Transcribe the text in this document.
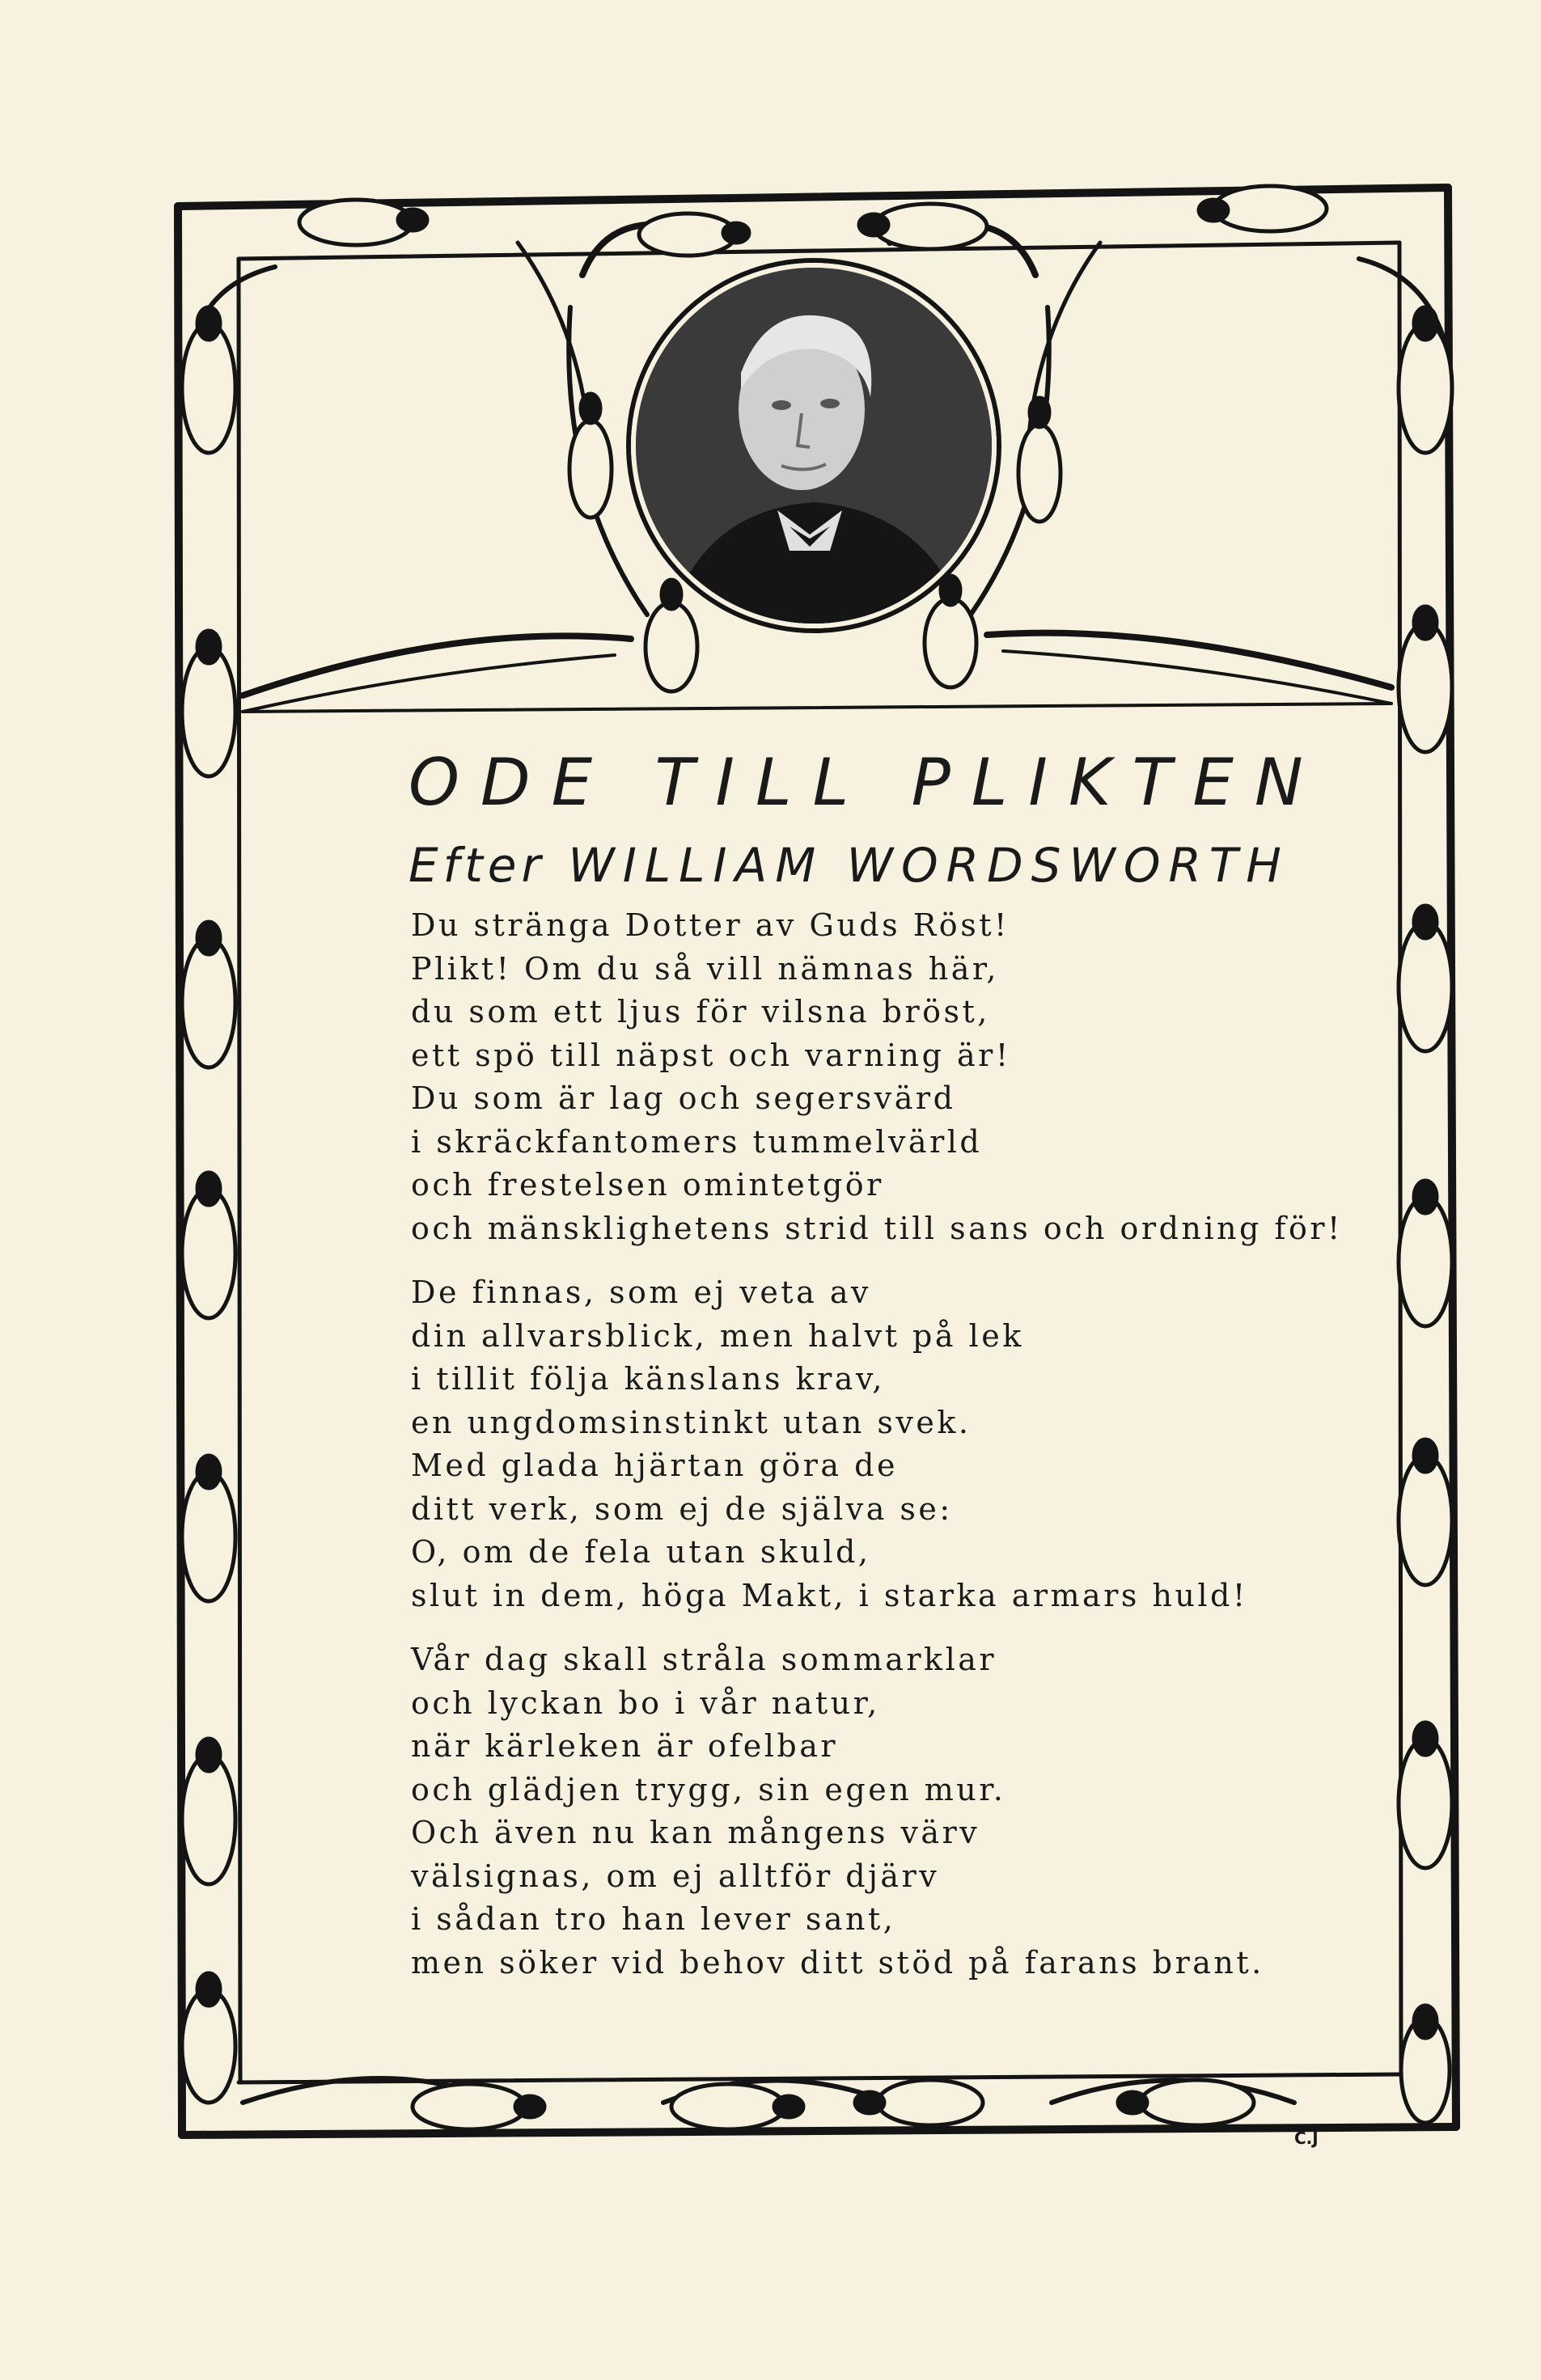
ODE TILL PLIKTEN
Efter WILLIAM WORDSWORTH
Du stränga Dotter av Guds Röst!
Plikt! Om du så vill nämnas här,
du som ett ljus för vilsna bröst,
ett spö till näpst och varning är!
Du som är lag och segersvärd
i skräckfantomers tummelvärld
och frestelsen omintetgör
och mänsklighetens strid till sans och ordning för!
De finnas, som ej veta av
din allvarsblick, men halvt på lek
i tillit följa känslans krav,
en ungdomsinstinkt utan svek.
Med glada hjärtan göra de
ditt verk, som ej de själva se:
O, om de fela utan skuld,
slut in dem, höga Makt, i starka armars huld!
Vår dag skall stråla sommarklar
och lyckan bo i vår natur,
när kärleken är ofelbar
och glädjen trygg, sin egen mur.
Och även nu kan mångens värv
välsignas, om ej alltför djärv
i sådan tro han lever sant,
men söker vid behov ditt stöd på farans brant.
C.J
